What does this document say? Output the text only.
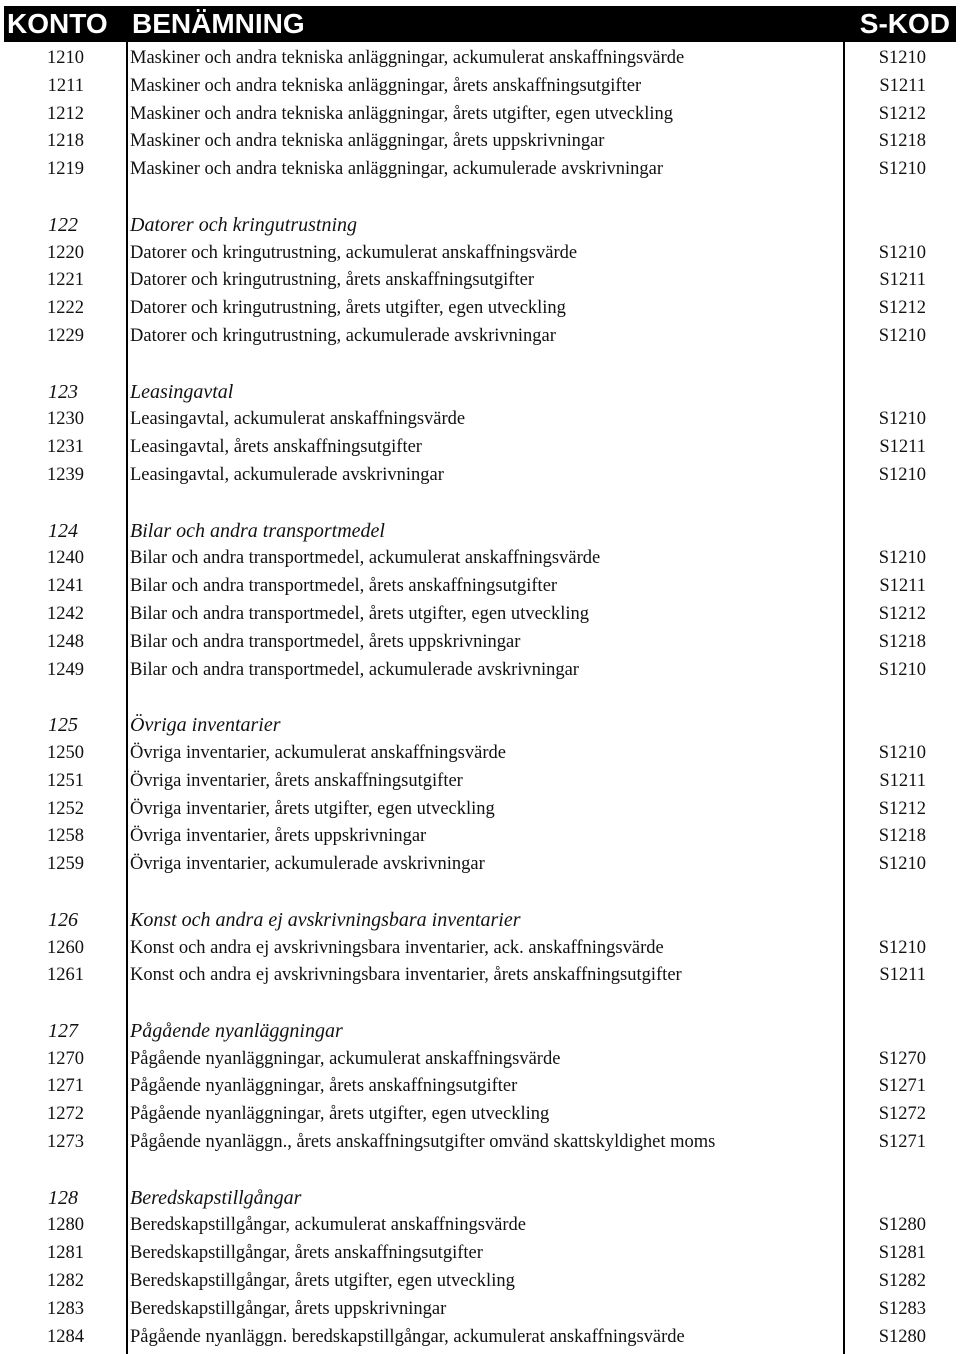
KONTO BENÄMNING	S-KOD
1210 Maskiner och andra tekniska anläggningar, ackumulerat anskaffningsvärde	S1210
1211 Maskiner och andra tekniska anläggningar, årets anskaffningsutgifter	S1211
1212 Maskiner och andra tekniska anläggningar, årets utgifter, egen utveckling	S1212
1218 Maskiner och andra tekniska anläggningar, årets uppskrivningar	S1218
1219 Maskiner och andra tekniska anläggningar, ackumulerade avskrivningar	S1210
122	Datorer och kringutrustning
1220 Datorer och kringutrustning, ackumulerat anskaffningsvärde	S1210
1221 Datorer och kringutrustning, årets anskaffningsutgifter	S1211
1222 Datorer och kringutrustning, årets utgifter, egen utveckling	S1212
1229 Datorer och kringutrustning, ackumulerade avskrivningar	S1210
123	Leasingavtal
1230 Leasingavtal, ackumulerat anskaffningsvärde	S1210
1231 Leasingavtal, årets anskaffningsutgifter	S1211
1239 Leasingavtal, ackumulerade avskrivningar	S1210
124	Bilar och andra transportmedel
1240 Bilar och andra transportmedel, ackumulerat anskaffningsvärde	S1210
1241 Bilar och andra transportmedel, årets anskaffningsutgifter	S1211
1242 Bilar och andra transportmedel, årets utgifter, egen utveckling	S1212
1248 Bilar och andra transportmedel, årets uppskrivningar	S1218
1249 Bilar och andra transportmedel, ackumulerade avskrivningar	S1210
125	Övriga inventarier
1250 Övriga inventarier, ackumulerat anskaffningsvärde	S1210
1251 Övriga inventarier, årets anskaffningsutgifter	S1211
1252 Övriga inventarier, årets utgifter, egen utveckling	S1212
1258 Övriga inventarier, årets uppskrivningar	S1218
1259 Övriga inventarier, ackumulerade avskrivningar	S1210
126	Konst och andra ej avskrivningsbara inventarier
1260 Konst och andra ej avskrivningsbara inventarier, ack. anskaffningsvärde	S1210
1261 Konst och andra ej avskrivningsbara inventarier, årets anskaffningsutgifter	S1211
127	Pågående nyanläggningar
1270 Pågående nyanläggningar, ackumulerat anskaffningsvärde	S1270
1271 Pågående nyanläggningar, årets anskaffningsutgifter	S1271
1272 Pågående nyanläggningar, årets utgifter, egen utveckling	S1272
1273 Pågående nyanläggn., årets anskaffningsutgifter omvänd skattskyldighet moms	S1271
128	Beredskapstillgångar
1280 Beredskapstillgångar, ackumulerat anskaffningsvärde	S1280
1281 Beredskapstillgångar, årets anskaffningsutgifter	S1281
1282 Beredskapstillgångar, årets utgifter, egen utveckling	S1282
1283 Beredskapstillgångar, årets uppskrivningar	S1283
1284 Pågående nyanläggn. beredskapstillgångar, ackumulerat anskaffningsvärde	S1280
